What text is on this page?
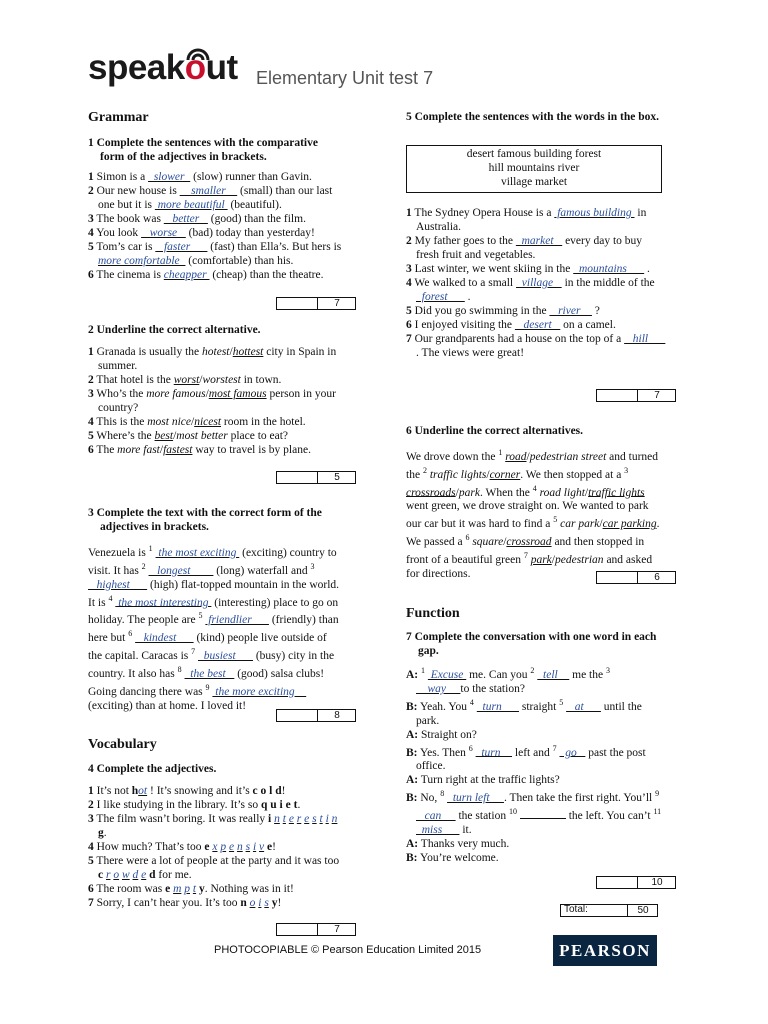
speakout Elementary Unit test 7
Grammar

1 Complete the sentences with the comparative form of the adjectives in brackets.

1 Simon is a   slower   (slow) runner than Gavin.

2 Our new house is     smaller     (small) than our last one but it is  more beautiful  (beautiful).

3 The book was    better    (good) than the film.

4 You look    worse    (bad) today than yesterday!

5 Tom’s car is    faster       (fast) than Ella’s. But hers is more comfortable   (comfortable) than his.

6 The cinema is cheapper  (cheap) than the theatre.

7

2 Underline the correct alternative.

1 Granada is usually the hotest/hottest city in Spain in summer.

2 That hotel is the worst/worstest in town.

3 Who’s the more famous/most famous person in your country?

4 This is the most nice/nicest room in the hotel.

5 Where’s the best/most better place to eat?

6 The more fast/fastest way to travel is by plane.

5

3 Complete the text with the correct form of the adjectives in brackets.

Venezuela is $^1$  the most exciting  (exciting) country to visit. It has $^2$    longest         (long) waterfall and $^3$    highest       (high) flat-topped mountain in the world. It is $^4$  the most interesting  (interesting) place to go on holiday. The people are $^5$  friendlier       (friendly) than here but $^6$    kindest       (kind) people live outside of the capital. Caracas is $^7$   busiest       (busy) city in the country. It also has $^8$   the best    (good) salsa clubs! Going dancing there was $^9$  the more exciting     (exciting) than at home. I loved it!

8
Vocabulary

4 Complete the adjectives.

1 It’s not hot ! It’s snowing and it’s c o l d!

2 I like studying in the library. It’s so q u i e t.

3 The film wasn’t boring. It was really i n t e r e s t i n g.

4 How much? That’s too e x p e n s i v e!

5 There were a lot of people at the party and it was too c r o w d e d for me.

6 The room was e m p t y. Nothing was in it!

7 Sorry, I can’t hear you. It’s too n o i s y!

7

5 Complete the sentences with the words in the box.

desert famous building forest
hill mountains river
village market

1 The Sydney Opera House is a  famous building  in Australia.

2 My father goes to the   market    every day to buy fresh fruit and vegetables.

3 Last winter, we went skiing in the   mountains       .

4 We walked to a small   village    in the middle of the   forest       .

5 Did you go swimming in the    river     ?

6 I enjoyed visiting the    desert    on a camel.

7 Our grandparents had a house on the top of a    hill       . The views were great!

7

6 Underline the correct alternatives.

We drove down the $^1$ road/pedestrian street and turned the $^2$ traffic lights/corner. We then stopped at a $^3$ crossroads/park. When the $^4$ road light/traffic lights went green, we drove straight on. We wanted to park our car but it was hard to find a $^5$ car park/car parking. We passed a $^6$ square/crossroad and then stopped in front of a beautiful green $^7$ park/pedestrian and asked for directions.	6
Function

7 Complete the conversation with one word in each gap.

A: $^1$  Excuse  me. Can you $^2$   tell     me the $^3$     way     to the station?

B: Yeah. You $^4$   turn       straight $^5$    at       until the park.

A: Straight on?

B: Yes. Then $^6$   turn     left and $^7$   go    past the post office.

A: Turn right at the traffic lights?

B: No, $^8$   turn left     . Then take the first right. You’ll $^9$    can      the station $^{10}$	the left. You can’t $^{11}$   miss       it.

A: Thanks very much.

B: You’re welcome.

10
Total:	50
PHOTOCOPIABLE © Pearson Education Limited 2015	PEARSON
